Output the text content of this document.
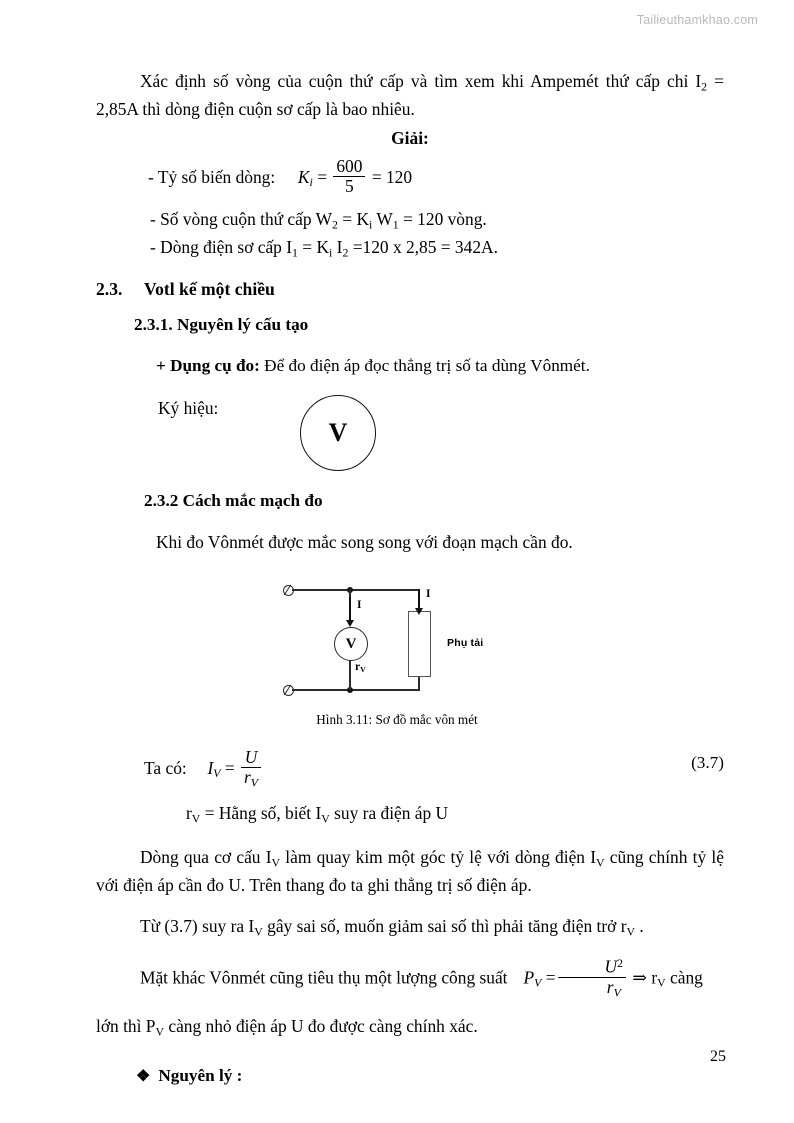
Tailieuthamkhao.com

Xác định số vòng của cuộn thứ cấp và tìm xem khi Ampemét thứ cấp chỉ $I_2 = 2,85A$ thì dòng điện cuộn sơ cấp là bao nhiêu.

Giải:

- Tỷ số biến dòng: $K_i = \frac{600}{5} = 120$
- Số vòng cuộn thứ cấp $W_2 = K_i$ $W_1 = 120$ vòng.
- Dòng điện sơ cấp $I_1 = K_i$ $I_2 =120$ x 2,85 = 342A.
2.3.	Votl kế một chiều

2.3.1. Nguyên lý cấu tạo

+ Dụng cụ đo: Để đo điện áp đọc thẳng trị số ta dùng Vônmét.

Ký hiệu:

V

2.3.2 Cách mắc mạch đo

Khi đo Vônmét được mắc song song với đoạn mạch cần đo.

V
$r_V$
I
I
Phụ tải
Hình 3.11: Sơ đồ mắc vôn mét
Ta có: $I_V = \frac{U}{r_V}$	(3.7)
$r_V$ = Hằng số, biết $I_V$ suy ra điện áp U

Dòng qua cơ cấu $I_V$ làm quay kim một góc tỷ lệ với dòng điện $I_V$ cũng chính tỷ lệ với điện áp cần đo U. Trên thang đo ta ghi thẳng trị số điện áp.

Từ (3.7) suy ra $I_V$ gây sai số, muốn giảm sai số thì phải tăng điện trở $r_V$ .

Mặt khác Vônmét cũng tiêu thụ một lượng công suất $P_V = \frac{U^2}{r_V}$ ⇒ $r_V$ càng

lớn thì $P_V$ càng nhỏ điện áp U đo được càng chính xác.

❖ Nguyên lý :

25
